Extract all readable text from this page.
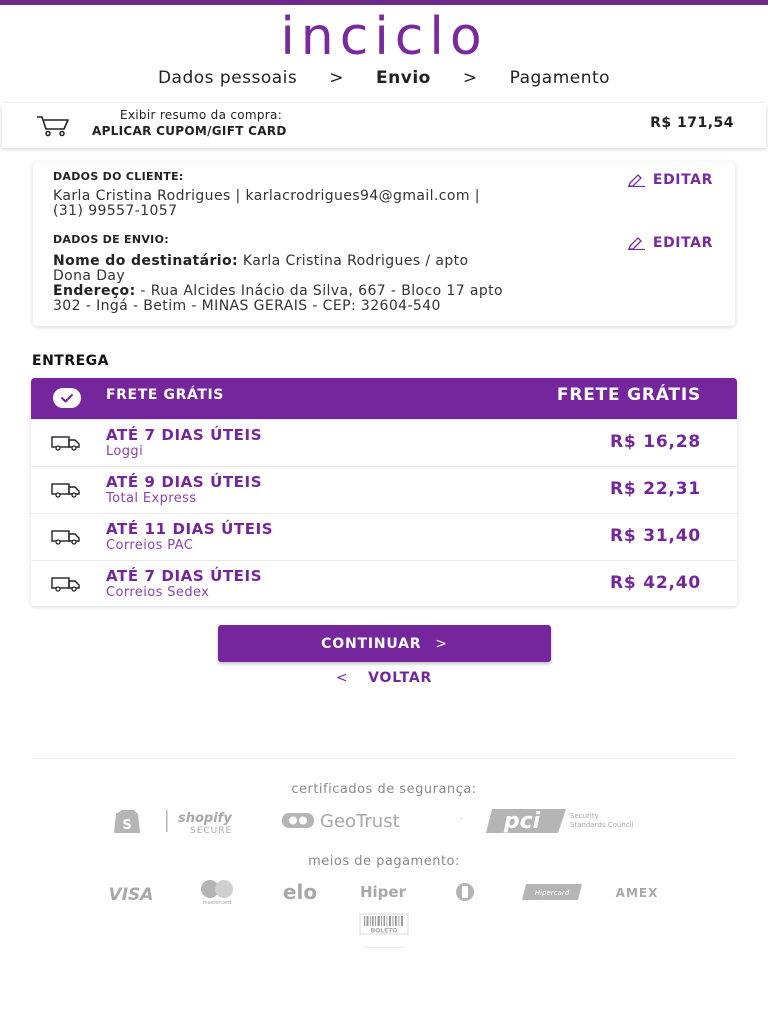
inciclo
Dados pessoais	>	Envio	>	Pagamento
Exibir resumo da compra:
APLICAR CUPOM/GIFT CARD	R$ 171,54
DADOS DO CLIENTE:	EDITAR
Karla Cristina Rodrigues | karlacrodrigues94@gmail.com |
(31) 99557-1057
DADOS DE ENVIO:	EDITAR
Nome do destinatário: Karla Cristina Rodrigues / apto
Dona Day
Endereço: - Rua Alcides Inácio da Silva, 667 - Bloco 17 apto
302 - Ingá - Betim - MINAS GERAIS - CEP: 32604-540
ENTREGA
FRETE GRÁTIS	FRETE GRÁTIS
ATÉ 7 DIAS ÚTEIS
Loggi	R$ 16,28
ATÉ 9 DIAS ÚTEIS
Total Express	R$ 22,31
ATÉ 11 DIAS ÚTEIS
Correios PAC	R$ 31,40
ATÉ 7 DIAS ÚTEIS
Correios Sedex	R$ 42,40
CONTINUAR >
< VOLTAR
certificados de segurança:
S	shopify
SECURE	GeoTrust	. pci	Security
Standards Council
meios de pagamento:
VISA	mastercard	elo	Hiper	Hipercard	AMEX
BOLETO
